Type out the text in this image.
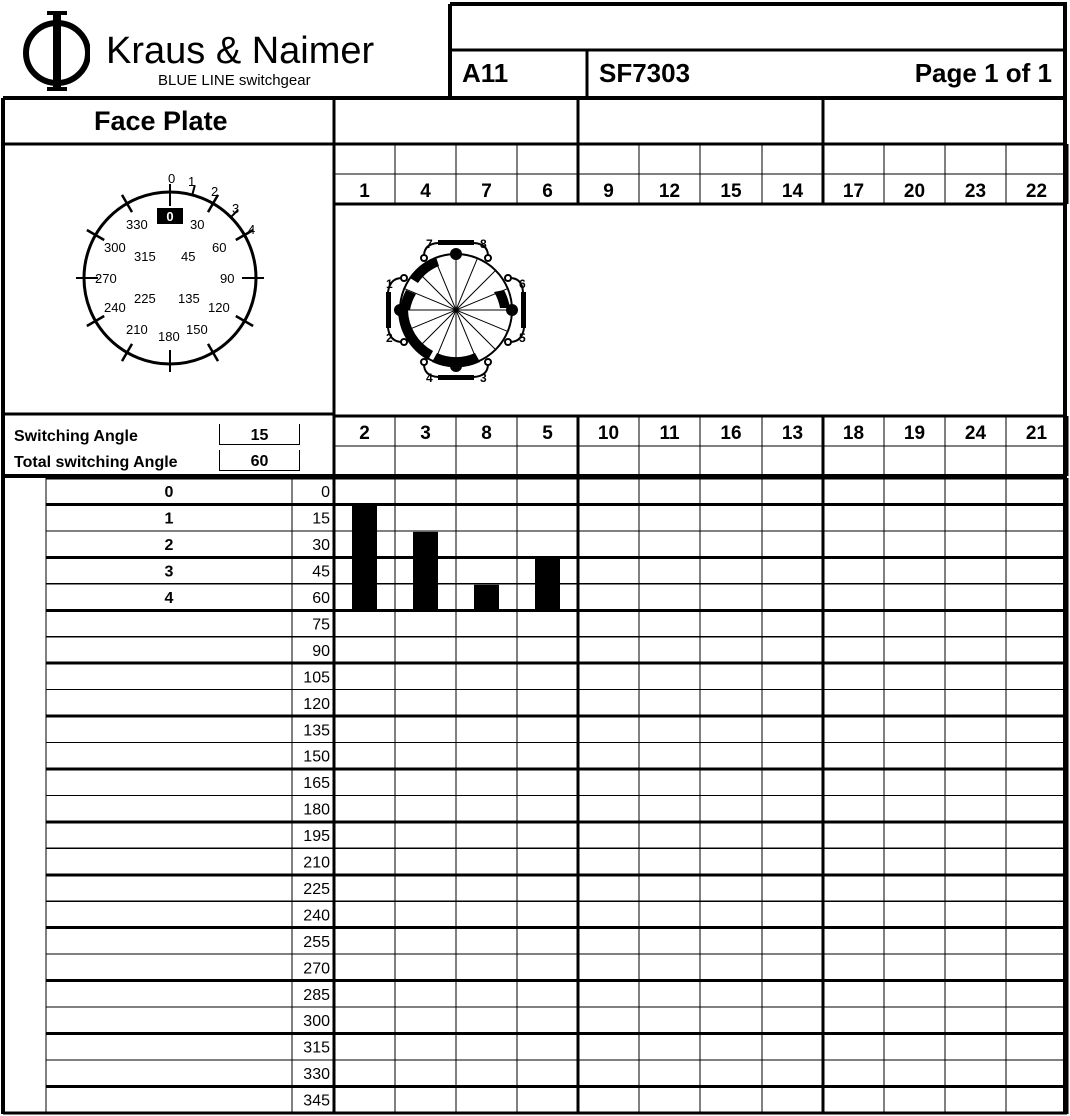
Kraus & Naimer
BLUE LINE switchgear	A11	SF7303	Page 1 of 1
Face Plate
1	4	7	6	9 12 15 14 17 20 23 22
2	3	8	5 10 11 16 13 18 19 24 21
0	0
1	15
2	30
3	45
4	60
75
90
105
120
135
150
165
180
195
210
225
240
255
270
285
300
315
330
345
0
0 1
2
3
4
330	30
300
315 45
60
270	90
240
225 135
120
210 180 150
7	8
1	6
2	5
4	3
Switching Angle	15
Total switching Angle	60
